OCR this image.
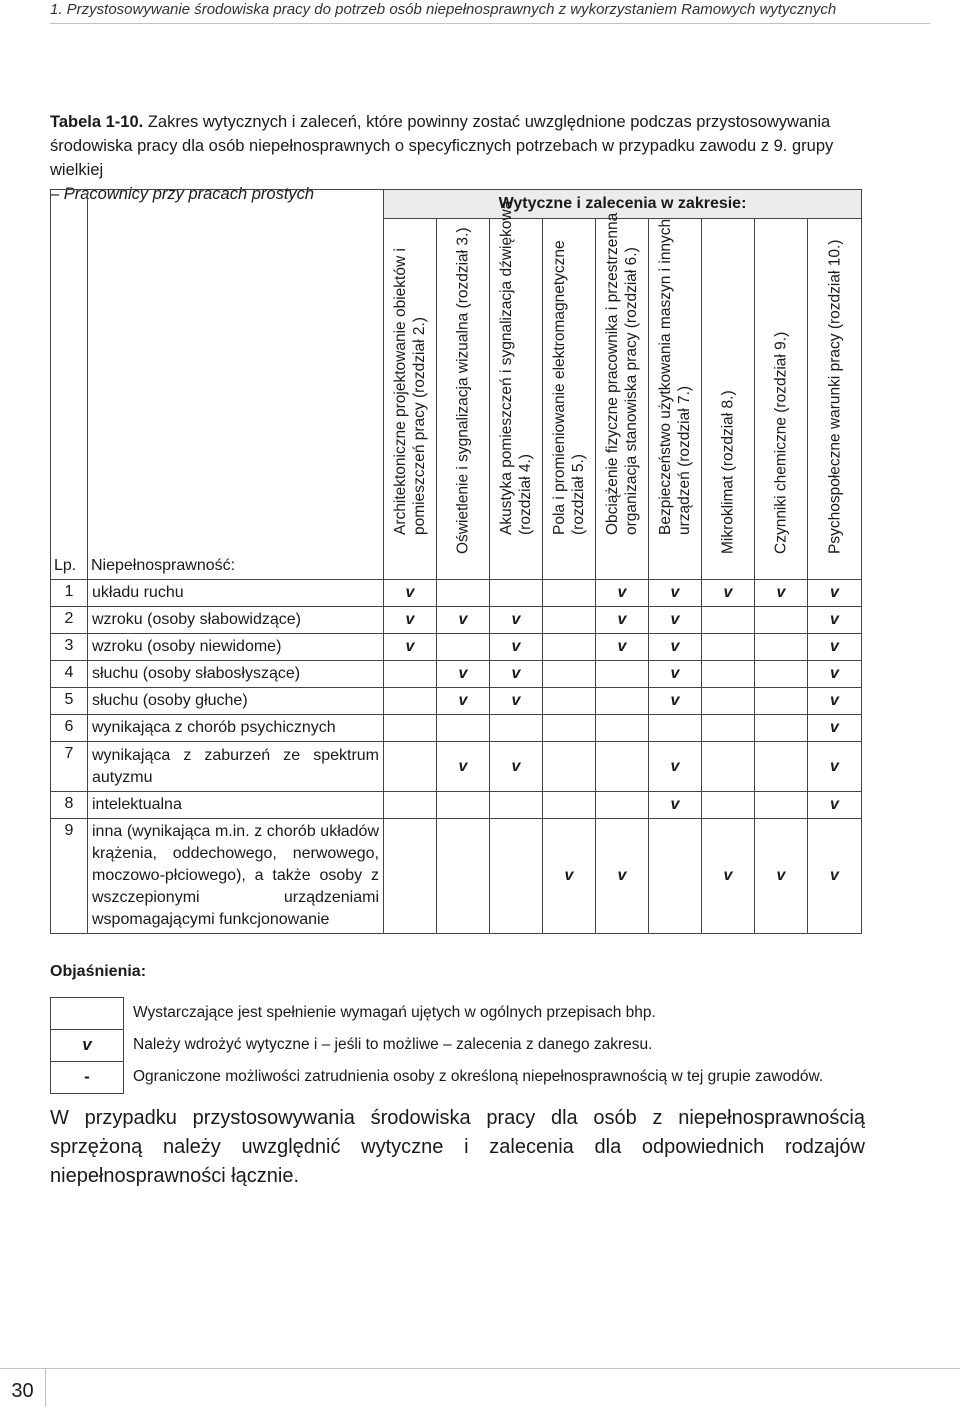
1. Przystosowywanie środowiska pracy do potrzeb osób niepełnosprawnych z wykorzystaniem Ramowych wytycznych
Tabela 1-10. Zakres wytycznych i zaleceń, które powinny zostać uwzględnione podczas przystosowywania środowiska pracy dla osób niepełnosprawnych o specyficznych potrzebach w przypadku zawodu z 9. grupy wielkiej
– Pracownicy przy pracach prostych
Lp.	Niepełnosprawność:	Wytyczne i zalecenia w zakresie:								

		Architektoniczne projektowanie obiektów i pomieszczeń pracy (rozdział 2.)	Oświetlenie i sygnalizacja wizualna (rozdział 3.)	Akustyka pomieszczeń i sygnalizacja dźwiękowa (rozdział 4.)	Pola i promieniowanie elektromagnetyczne (rozdział 5.)	Obciążenie fizyczne pracownika i przestrzenna organizacja stanowiska pracy (rozdział 6.)	Bezpieczeństwo użytkowania maszyn i innych urządzeń (rozdział 7.)	Mikroklimat (rozdział 8.)	Czynniki chemiczne (rozdział 9.)	Psychospołeczne warunki pracy (rozdział 10.)

1	układu ruchu	v				v	v	v	v	v
2	wzroku (osoby słabowidzące)	v	v	v		v	v			v
3	wzroku (osoby niewidome)	v		v		v	v			v
4	słuchu (osoby słabosłyszące)		v	v			v			v
5	słuchu (osoby głuche)		v	v			v			v
6	wynikająca z chorób psychicznych									v
7	wynikająca z zaburzeń ze spektrum autyzmu		v	v			v			v
8	intelektualna						v			v
9	inna (wynikająca m.in. z chorób układów krążenia, oddechowego, nerwowego, moczowo-płciowego), a także osoby z wszczepionymi urządzeniami wspomagającymi funkcjonowanie				v	v		v	v	v
Objaśnienia:
Wystarczające jest spełnienie wymagań ujętych w ogólnych przepisach bhp.
v	Należy wdrożyć wytyczne i – jeśli to możliwe – zalecenia z danego zakresu.
-	Ograniczone możliwości zatrudnienia osoby z określoną niepełnosprawnością w tej grupie zawodów.
W przypadku przystosowywania środowiska pracy dla osób z niepełnosprawnością sprzężoną należy uwzględnić wytyczne i zalecenia dla odpowiednich rodzajów niepełnosprawności łącznie.
30
